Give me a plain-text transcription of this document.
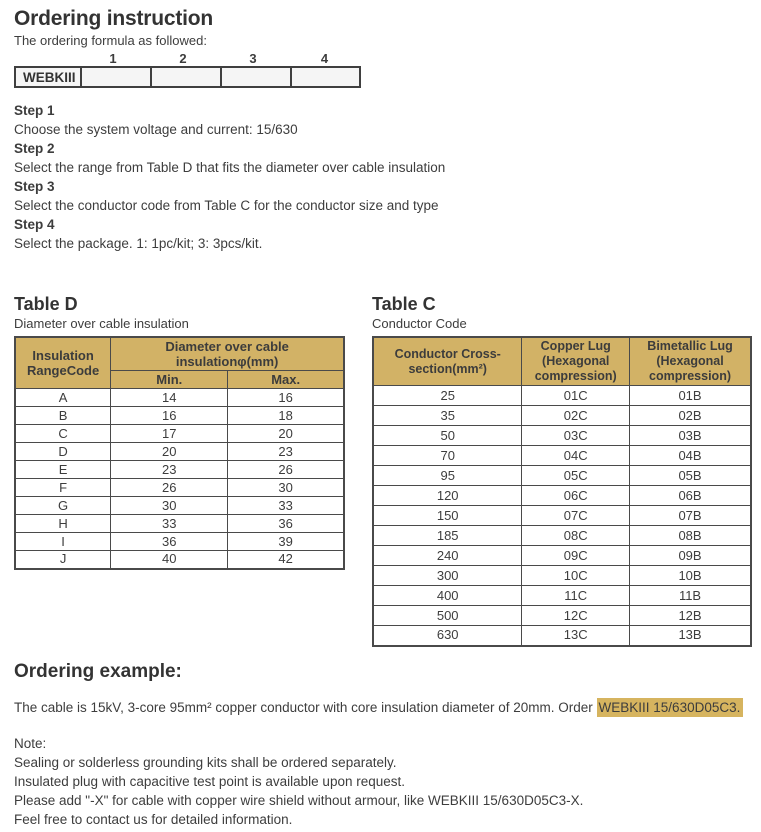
Ordering instruction
The ordering formula as followed:
1	2	3	4
WEBKIII
Step 1
Choose the system voltage and current: 15/630
Step 2
Select the range from Table D that fits the diameter over cable insulation
Step 3
Select the conductor code from Table C for the conductor size and type
Step 4
Select the package. 1: 1pc/kit; 3: 3pcs/kit.
Table D
Diameter over cable insulation
Insulation RangeCode	Diameter over cable insulationφ(mm)	
	Min.	Max.
A	14	16
B	16	18
C	17	20
D	20	23
E	23	26
F	26	30
G	30	33
H	33	36
I	36	39
J	40	42
Table C
Conductor Code
Conductor Cross-section(mm²)	Copper Lug (Hexagonal compression)	Bimetallic Lug (Hexagonal compression)
25	01C	01B
35	02C	02B
50	03C	03B
70	04C	04B
95	05C	05B
120	06C	06B
150	07C	07B
185	08C	08B
240	09C	09B
300	10C	10B
400	11C	11B
500	12C	12B
630	13C	13B
Ordering example:
The cable is 15kV, 3-core 95mm² copper conductor with core insulation diameter of 20mm. Order WEBKIII 15/630D05C3.
Note:
Sealing or solderless grounding kits shall be ordered separately.
Insulated plug with capacitive test point is available upon request.
Please add "-X" for cable with copper wire shield without armour, like WEBKIII 15/630D05C3-X.
Feel free to contact us for detailed information.
